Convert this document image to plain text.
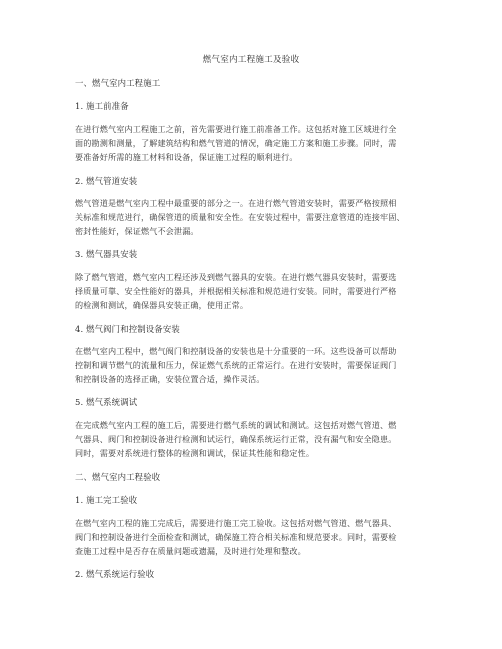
燃气室内工程施工及验收
一、燃气室内工程施工
1. 施工前准备
在进行燃气室内工程施工之前，首先需要进行施工前准备工作。这包括对施工区域进行全
面的勘测和测量，了解建筑结构和燃气管道的情况，确定施工方案和施工步骤。同时，需
要准备好所需的施工材料和设备，保证施工过程的顺利进行。
2. 燃气管道安装
燃气管道是燃气室内工程中最重要的部分之一。在进行燃气管道安装时，需要严格按照相
关标准和规范进行，确保管道的质量和安全性。在安装过程中，需要注意管道的连接牢固、
密封性能好，保证燃气不会泄漏。
3. 燃气器具安装
除了燃气管道，燃气室内工程还涉及到燃气器具的安装。在进行燃气器具安装时，需要选
择质量可靠、安全性能好的器具，并根据相关标准和规范进行安装。同时，需要进行严格
的检测和测试，确保器具安装正确，使用正常。
4. 燃气阀门和控制设备安装
在燃气室内工程中，燃气阀门和控制设备的安装也是十分重要的一环。这些设备可以帮助
控制和调节燃气的流量和压力，保证燃气系统的正常运行。在进行安装时，需要保证阀门
和控制设备的选择正确，安装位置合适，操作灵活。
5. 燃气系统调试
在完成燃气室内工程的施工后，需要进行燃气系统的调试和测试。这包括对燃气管道、燃
气器具、阀门和控制设备进行检测和试运行，确保系统运行正常，没有漏气和安全隐患。
同时，需要对系统进行整体的检测和调试，保证其性能和稳定性。
二、燃气室内工程验收
1. 施工完工验收
在燃气室内工程的施工完成后，需要进行施工完工验收。这包括对燃气管道、燃气器具、
阀门和控制设备进行全面检查和测试，确保施工符合相关标准和规范要求。同时，需要检
查施工过程中是否存在质量问题或遗漏，及时进行处理和整改。
2. 燃气系统运行验收
